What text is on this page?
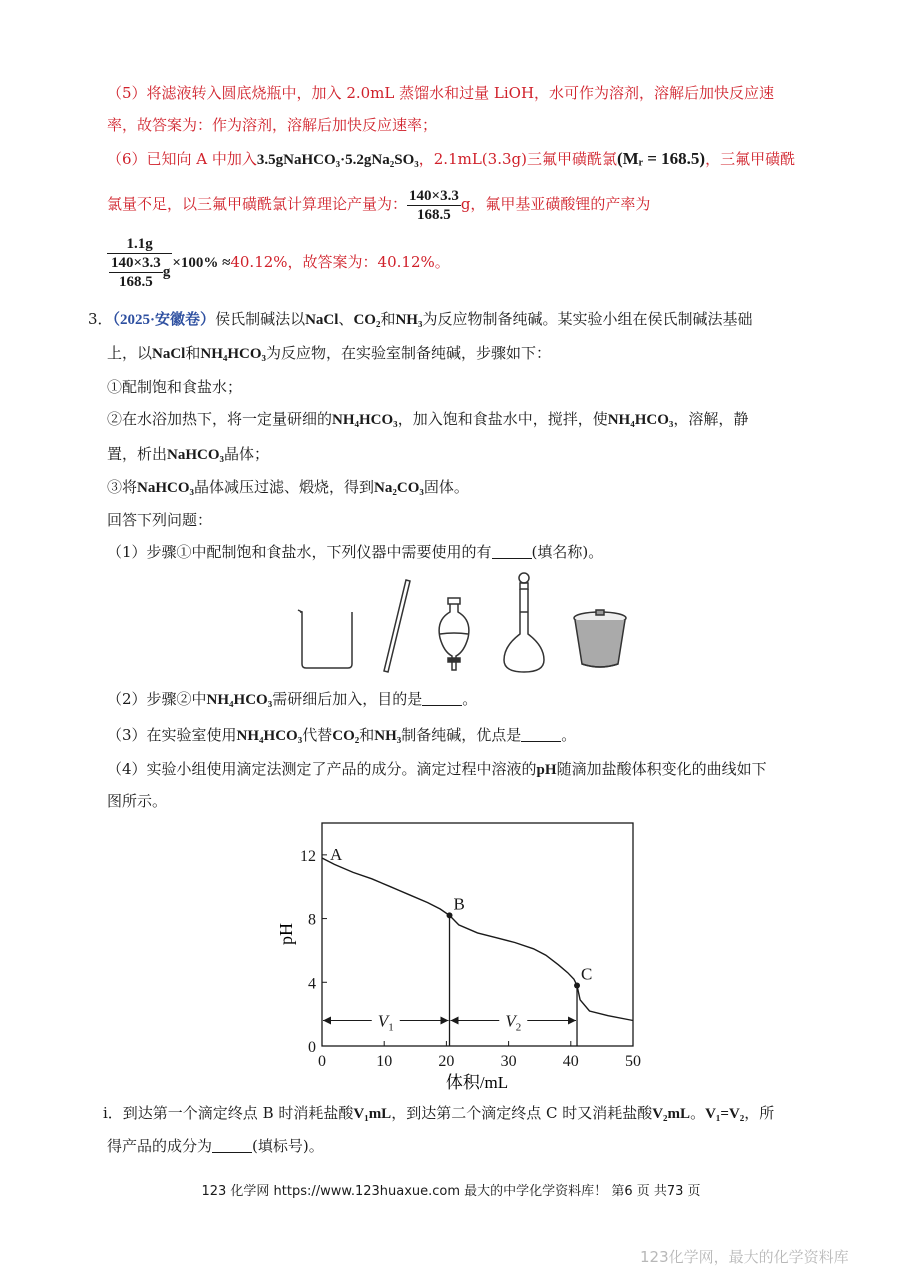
（5）将滤液转入圆底烧瓶中，加入 2.0mL 蒸馏水和过量 LiOH，水可作为溶剂，溶解后加快反应速
率，故答案为：作为溶剂，溶解后加快反应速率；
（6）已知向 A 中加入3.5gNaHCO₃·5.2gNa₂SO₃，2.1mL(3.3g)三氟甲磺酰氯(Mᵣ = 168.5)，三氟甲磺酰
氯量不足，以三氟甲磺酰氯计算理论产量为： $\frac{140\times 3.3}{168.5}$ g，氟甲基亚磺酸锂的产率为
$\frac{1.1g}{\frac{140\times 3.3}{168.5} g} \times 100\% \approx 40.12\%$，故答案为：40.12%。
3．（2025·安徽卷）侯氏制碱法以NaCl、CO₂和NH₃为反应物制备纯碱。某实验小组在侯氏制碱法基础
上，以NaCl和NH₄HCO₃为反应物，在实验室制备纯碱，步骤如下：
①配制饱和食盐水；
②在水浴加热下，将一定量研细的NH₄HCO₃，加入饱和食盐水中，搅拌，使NH₄HCO₃，溶解，静
置，析出NaHCO₃晶体；
③将NaHCO₃晶体减压过滤、煅烧，得到Na₂CO₃固体。
回答下列问题：
（1）步骤①中配制饱和食盐水，下列仪器中需要使用的有	(填名称)。
（2）步骤②中NH₄HCO₃需研细后加入，目的是	。
（3）在实验室使用NH₄HCO₃代替CO₂和NH₃制备纯碱，优点是	。
（4）实验小组使用滴定法测定了产品的成分。滴定过程中溶液的pH随滴加盐酸体积变化的曲线如下
图所示。
0	10	20	30	40	50
0
4
8
12 A
B
C
$V_1$	$V_2$
pH
体积/mL
i．到达第一个滴定终点 B 时消耗盐酸V₁mL，到达第二个滴定终点 C 时又消耗盐酸V₂mL。V₁=V₂，所
得产品的成分为	(填标号)。
123 化学网 https://www.123huaxue.com 最大的中学化学资料库！ 第6 页 共73 页
123化学网，最大的化学资料库
